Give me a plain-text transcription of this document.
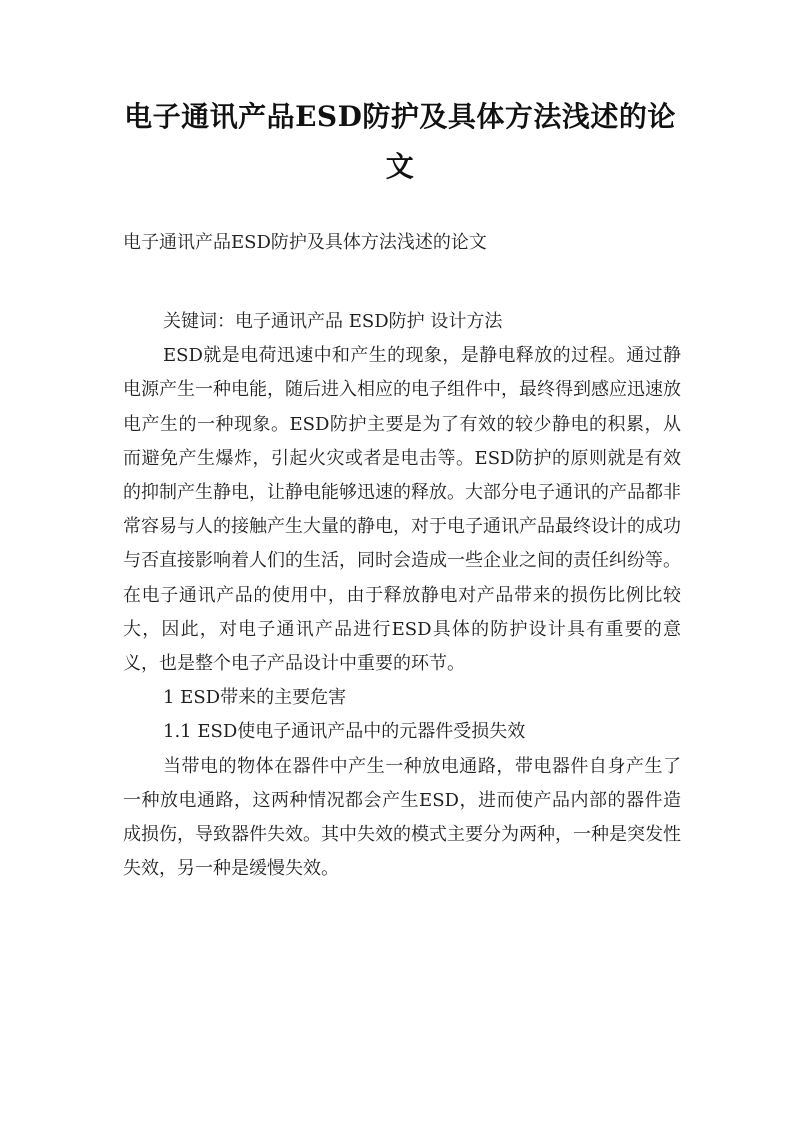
电子通讯产品ESD防护及具体方法浅述的论文

电子通讯产品ESD防护及具体方法浅述的论文

关键词：电子通讯产品 ESD防护 设计方法

ESD就是电荷迅速中和产生的现象，是静电释放的过程。通过静电源产生一种电能，随后进入相应的电子组件中，最终得到感应迅速放电产生的一种现象。ESD防护主要是为了有效的较少静电的积累，从而避免产生爆炸，引起火灾或者是电击等。ESD防护的原则就是有效的抑制产生静电，让静电能够迅速的释放。大部分电子通讯的产品都非常容易与人的接触产生大量的静电，对于电子通讯产品最终设计的成功与否直接影响着人们的生活，同时会造成一些企业之间的责任纠纷等。在电子通讯产品的使用中，由于释放静电对产品带来的损伤比例比较大，因此，对电子通讯产品进行ESD具体的防护设计具有重要的意义，也是整个电子产品设计中重要的环节。

1 ESD带来的主要危害

1.1 ESD使电子通讯产品中的元器件受损失效

当带电的物体在器件中产生一种放电通路，带电器件自身产生了一种放电通路，这两种情况都会产生ESD，进而使产品内部的器件造成损伤，导致器件失效。其中失效的模式主要分为两种，一种是突发性失效，另一种是缓慢失效。
